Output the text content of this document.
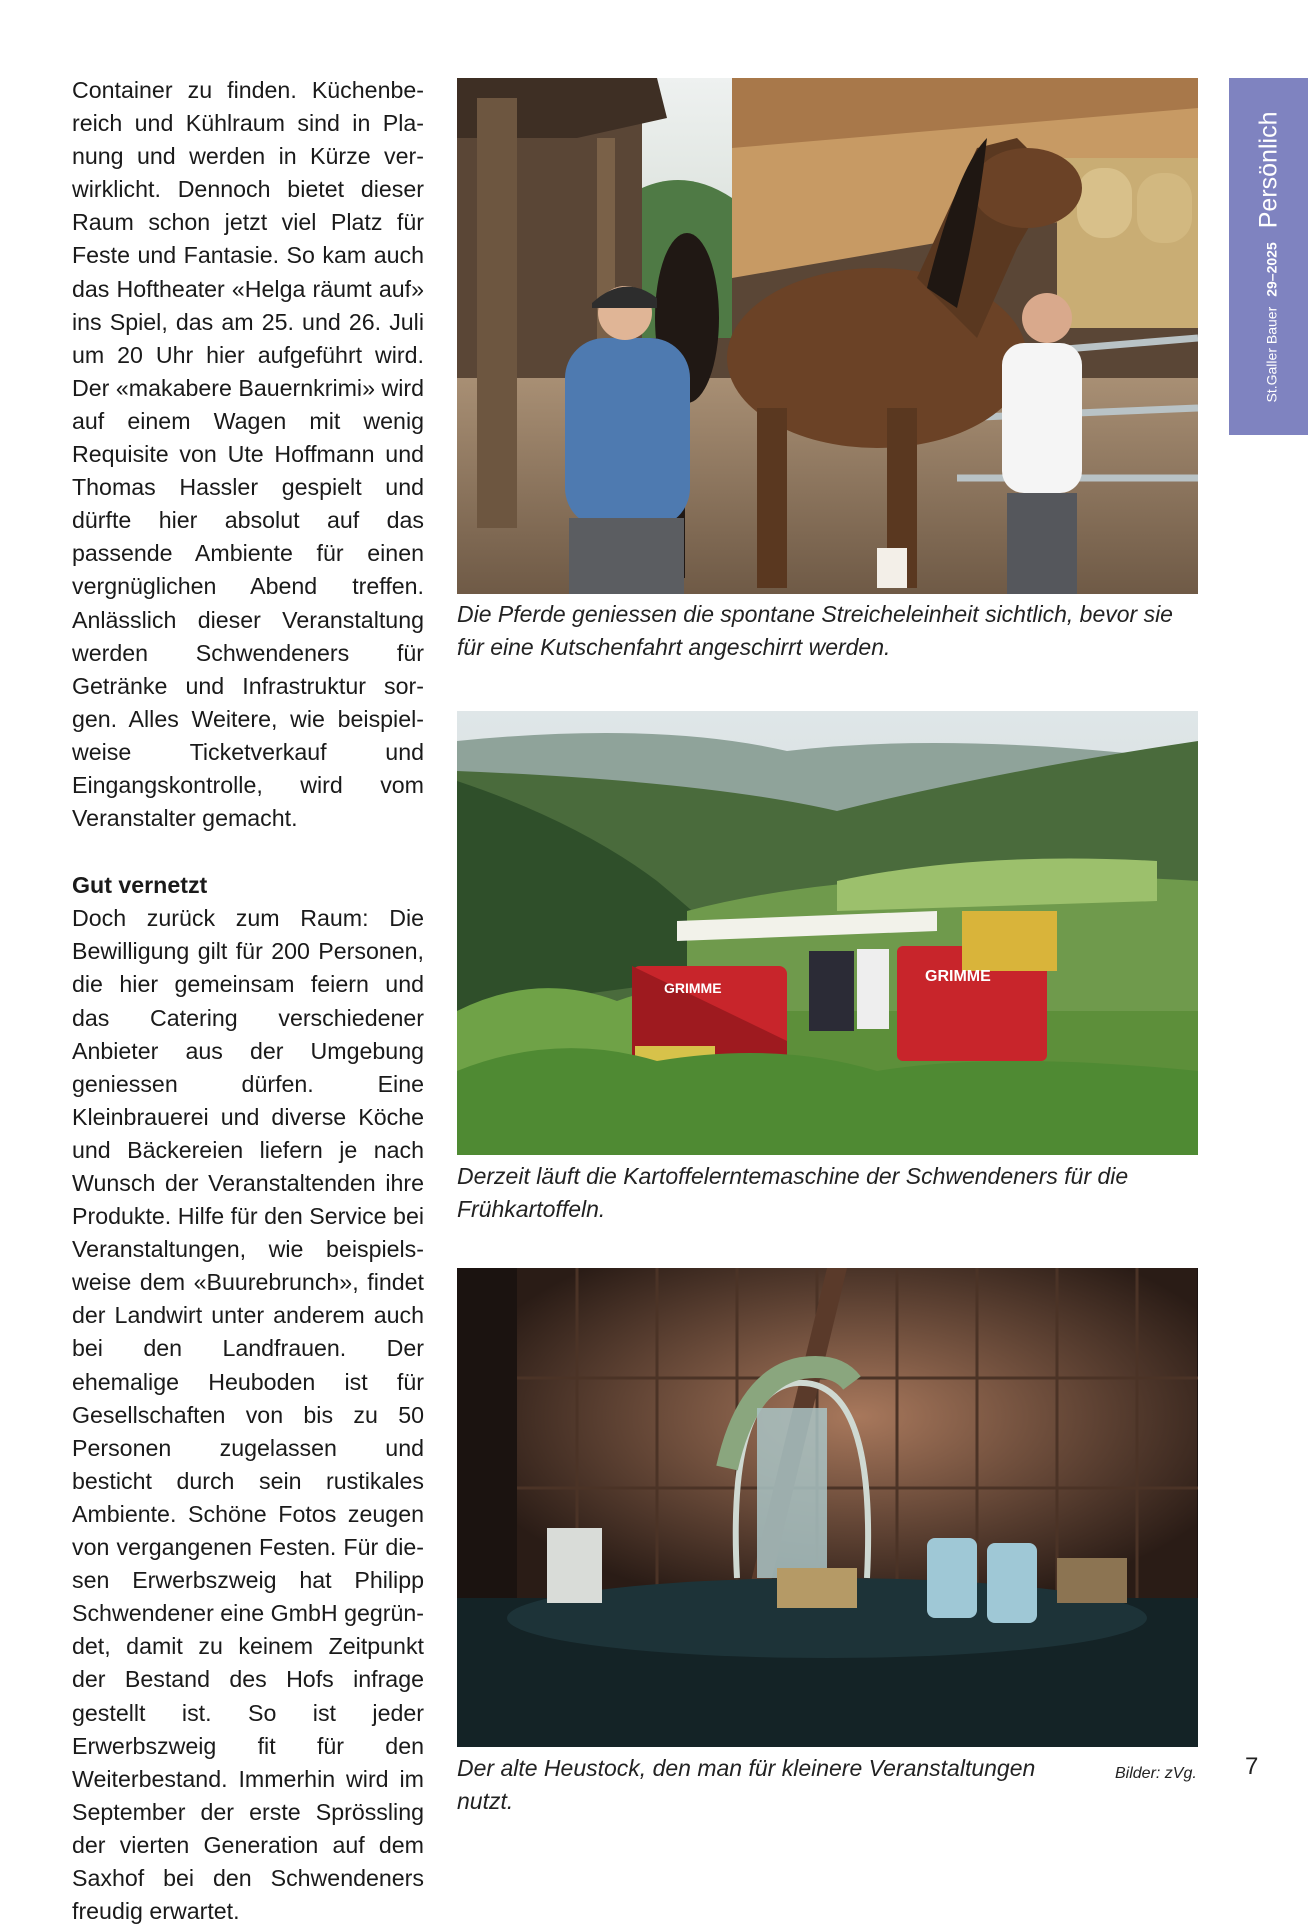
Container zu finden. Küchenbereich und Kühlraum sind in Planung und werden in Kürze verwirklicht. Dennoch bietet dieser Raum schon jetzt viel Platz für Feste und Fantasie. So kam auch das Hoftheater «Helga räumt auf» ins Spiel, das am 25. und 26. Juli um 20 Uhr hier aufgeführt wird. Der «makabere Bauernkrimi» wird auf einem Wagen mit wenig Requisite von Ute Hoffmann und Thomas Hassler gespielt und dürfte hier absolut auf das passende Ambiente für einen vergnüglichen Abend treffen. Anlässlich dieser Veranstaltung werden Schwendeners für Getränke und Infrastruktur sorgen. Alles Weitere, wie beispielweise Ticketverkauf und Eingangskontrolle, wird vom Veranstalter gemacht.

Gut vernetzt

Doch zurück zum Raum: Die Bewilligung gilt für 200 Personen, die hier gemeinsam feiern und das Catering verschiedener Anbieter aus der Umgebung geniessen dürfen. Eine Kleinbrauerei und diverse Köche und Bäckereien liefern je nach Wunsch der Veranstaltenden ihre Produkte. Hilfe für den Service bei Veranstaltungen, wie beispielsweise dem «Buurebrunch», findet der Landwirt unter anderem auch bei den Landfrauen. Der ehemalige Heuboden ist für Gesellschaften von bis zu 50 Personen zugelassen und besticht durch sein rustikales Ambiente. Schöne Fotos zeugen von vergangenen Festen. Für diesen Erwerbszweig hat Philipp Schwendener eine GmbH gegründet, damit zu keinem Zeitpunkt der Bestand des Hofs infrage gestellt ist. So ist jeder Erwerbszweig fit für den Weiterbestand. Immerhin wird im September der erste Sprössling der vierten Generation auf dem Saxhof bei den Schwendeners freudig erwartet.

Die Pferde geniessen die spontane Streicheleinheit sichtlich, bevor sie für eine Kutschenfahrt angeschirrt werden.
GRIMME
GRIMME
Derzeit läuft die Kartoffelerntemaschine der Schwendeners für die Frühkartoffeln.
Der alte Heustock, den man für kleinere Veranstaltungen nutzt.
Bilder: zVg. 7
St.Galler Bauer
29–2025
Persönlich
